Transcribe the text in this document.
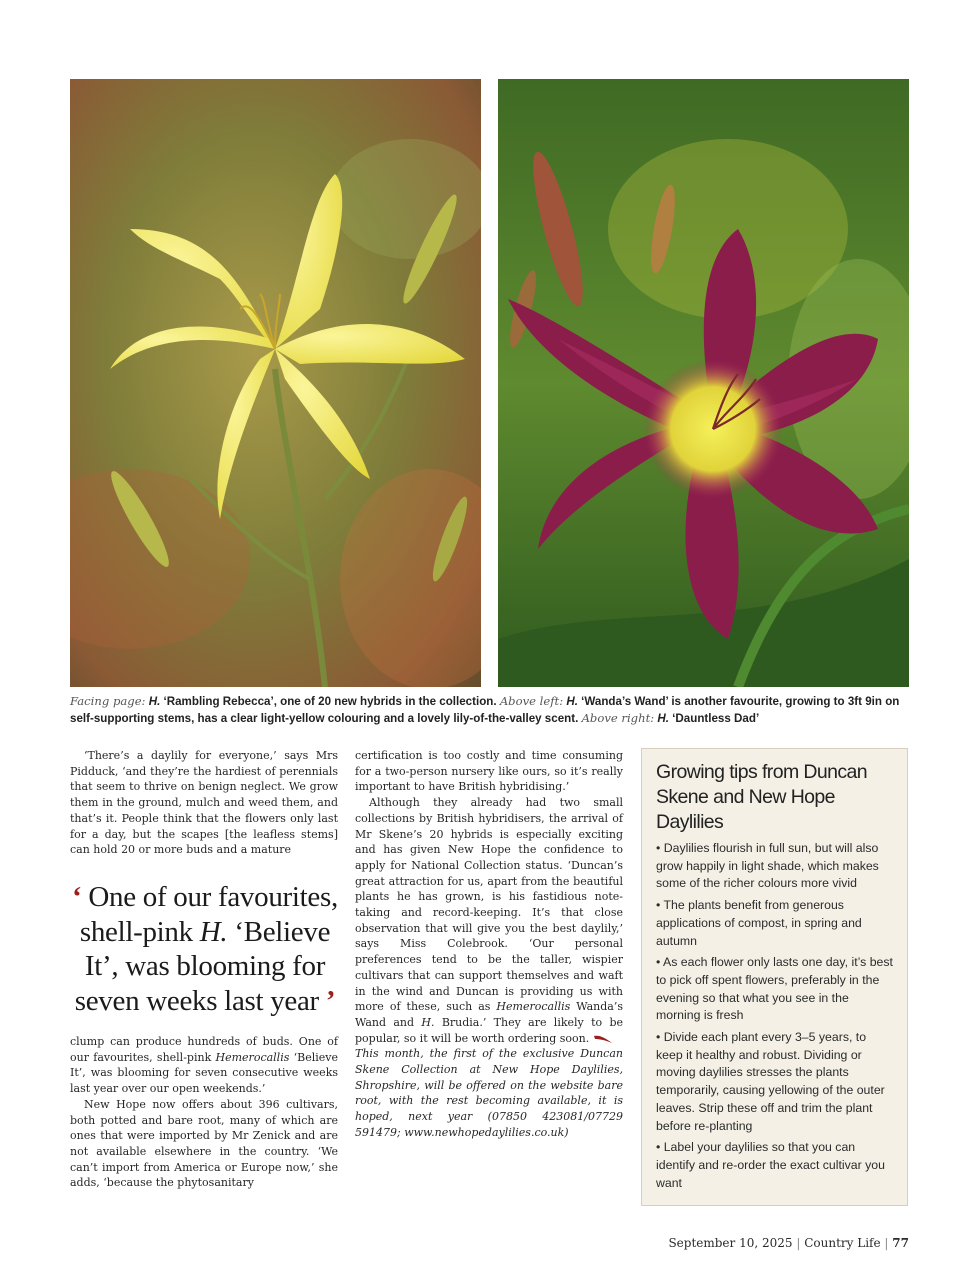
Facing page: H. ‘Rambling Rebecca’, one of 20 new hybrids in the collection. Above left: H. ‘Wanda’s Wand’ is another favourite, growing to 3ft 9in on self-supporting stems, has a clear light-yellow colouring and a lovely lily-of-the-valley scent. Above right: H. ‘Dauntless Dad’

‘There’s a daylily for everyone,’ says Mrs Pidduck, ‘and they’re the hardiest of perennials that seem to thrive on benign neglect. We grow them in the ground, mulch and weed them, and that’s it. People think that the flowers only last for a day, but the scapes [the leafless stems] can hold 20 or more buds and a mature

‘ One of our favourites, shell-pink H. ‘Believe It’, was blooming for seven weeks last year ’

clump can produce hundreds of buds. One of our favourites, shell-pink Hemerocallis ‘Believe It’, was blooming for seven consecutive weeks last year over our open weekends.’

New Hope now offers about 396 cultivars, both potted and bare root, many of which are ones that were imported by Mr Zenick and are not available elsewhere in the country. ‘We can’t import from America or Europe now,’ she adds, ‘because the phytosanitary

certification is too costly and time consuming for a two-person nursery like ours, so it’s really important to have British hybridising.’

Although they already had two small collections by British hybridisers, the arrival of Mr Skene’s 20 hybrids is especially exciting and has given New Hope the confidence to apply for National Collection status. ‘Duncan’s great attraction for us, apart from the beautiful plants he has grown, is his fastidious note-taking and record-keeping. It’s that close observation that will give you the best daylily,’ says Miss Colebrook. ‘Our personal preferences tend to be the taller, wispier cultivars that can support themselves and waft in the wind and Duncan is providing us with more of these, such as Hemerocallis Wanda’s Wand and H. Brudia.’ They are likely to be popular, so it will be worth ordering soon.

This month, the first of the exclusive Duncan Skene Collection at New Hope Daylilies, Shropshire, will be offered on the website bare root, with the rest becoming available, it is hoped, next year (07850 423081/07729 591479; www.newhopedaylilies.co.uk)

Growing tips from Duncan Skene and New Hope Daylilies

• Daylilies flourish in full sun, but will also grow happily in light shade, which makes some of the richer colours more vivid

• The plants benefit from generous applications of compost, in spring and autumn

• As each flower only lasts one day, it’s best to pick off spent flowers, preferably in the evening so that what you see in the morning is fresh

• Divide each plant every 3–5 years, to keep it healthy and robust. Dividing or moving daylilies stresses the plants temporarily, causing yellowing of the outer leaves. Strip these off and trim the plant before re-planting

• Label your daylilies so that you can identify and re-order the exact cultivar you want

September 10, 2025 | Country Life | 77
